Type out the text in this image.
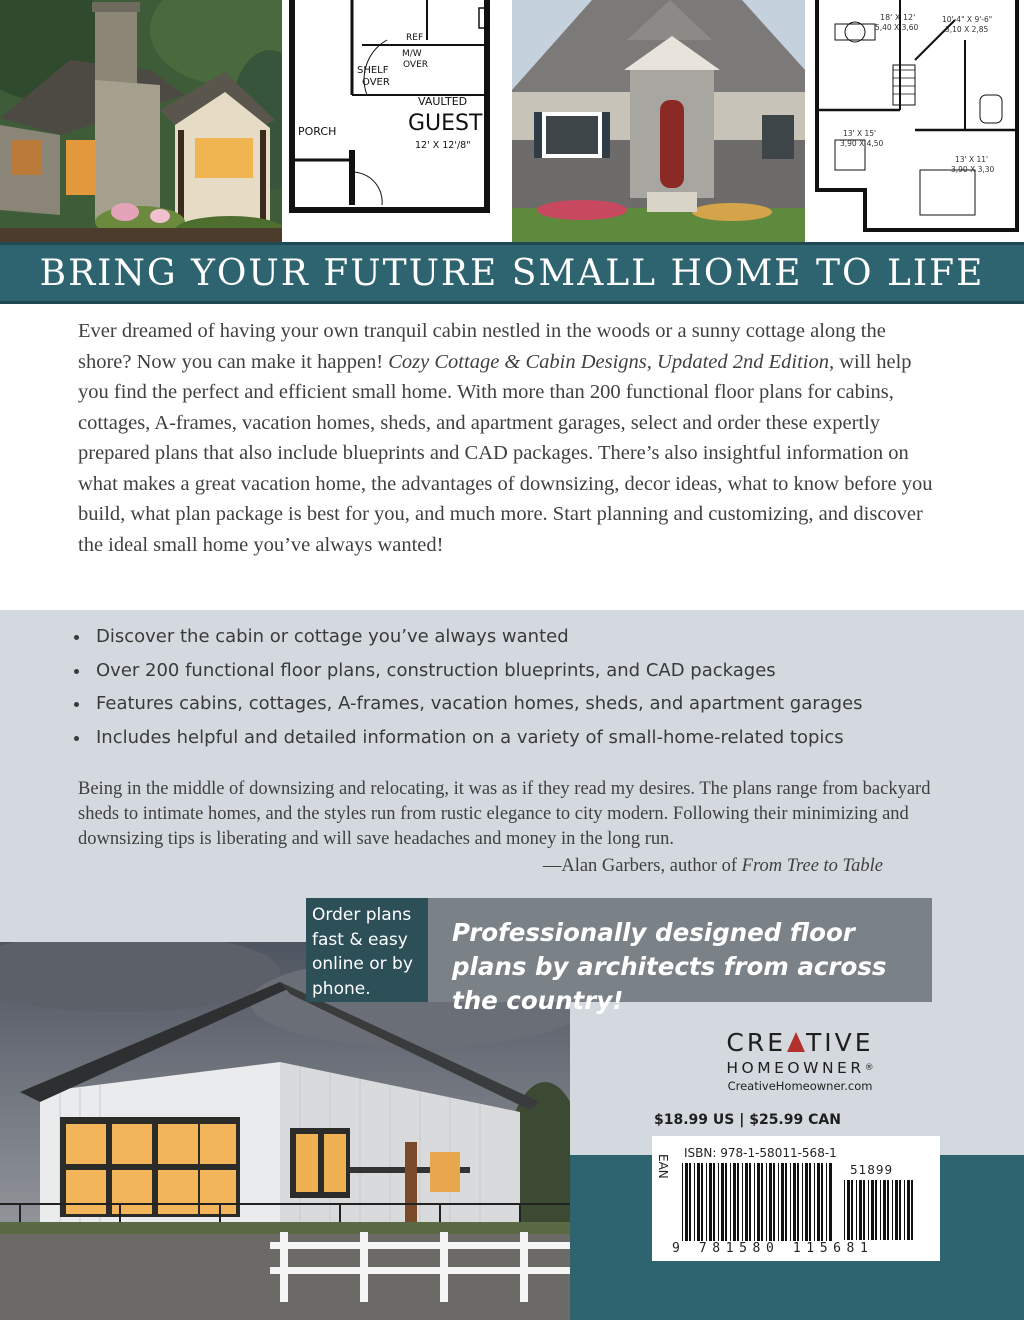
REF
M/W
OVER
SHELF
OVER
VAULTED
GUEST
12' X 12'/8"
PORCH
18' X 12'
5,40 X 3,60
10'-4" X 9'-6"
3,10 X 2,85
13' X 15'
3,90 X 4,50
13' X 11'
3,90 X 3,30
BRING YOUR FUTURE SMALL HOME TO LIFE

Ever dreamed of having your own tranquil cabin nestled in the woods or a sunny cottage along the shore? Now you can make it happen! Cozy Cottage & Cabin Designs, Updated 2nd Edition, will help you find the perfect and efficient small home. With more than 200 functional floor plans for cabins, cottages, A-frames, vacation homes, sheds, and apartment garages, select and order these expertly prepared plans that also include blueprints and CAD packages. There’s also insightful information on what makes a great vacation home, the advantages of downsizing, decor ideas, what to know before you build, what plan package is best for you, and much more. Start planning and customizing, and discover the ideal small home you’ve always wanted!

Discover the cabin or cottage you’ve always wanted
Over 200 functional floor plans, construction blueprints, and CAD packages
Features cabins, cottages, A-frames, vacation homes, sheds, and apartment garages
Includes helpful and detailed information on a variety of small-home-related topics

Being in the middle of downsizing and relocating, it was as if they read my desires. The plans range from backyard sheds to intimate homes, and the styles run from rustic elegance to city modern. Following their minimizing and downsizing tips is liberating and will save headaches and money in the long run.

—Alan Garbers, author of From Tree to Table

Order plans fast & easy online or by phone.
Professionally designed floor plans by architects from across the country!
CRE TIVE
HOMEOWNER®
CreativeHomeowner.com
$18.99 US | $25.99 CAN
EAN
ISBN: 978-1-58011-568-1
51899
9 781580 115681
